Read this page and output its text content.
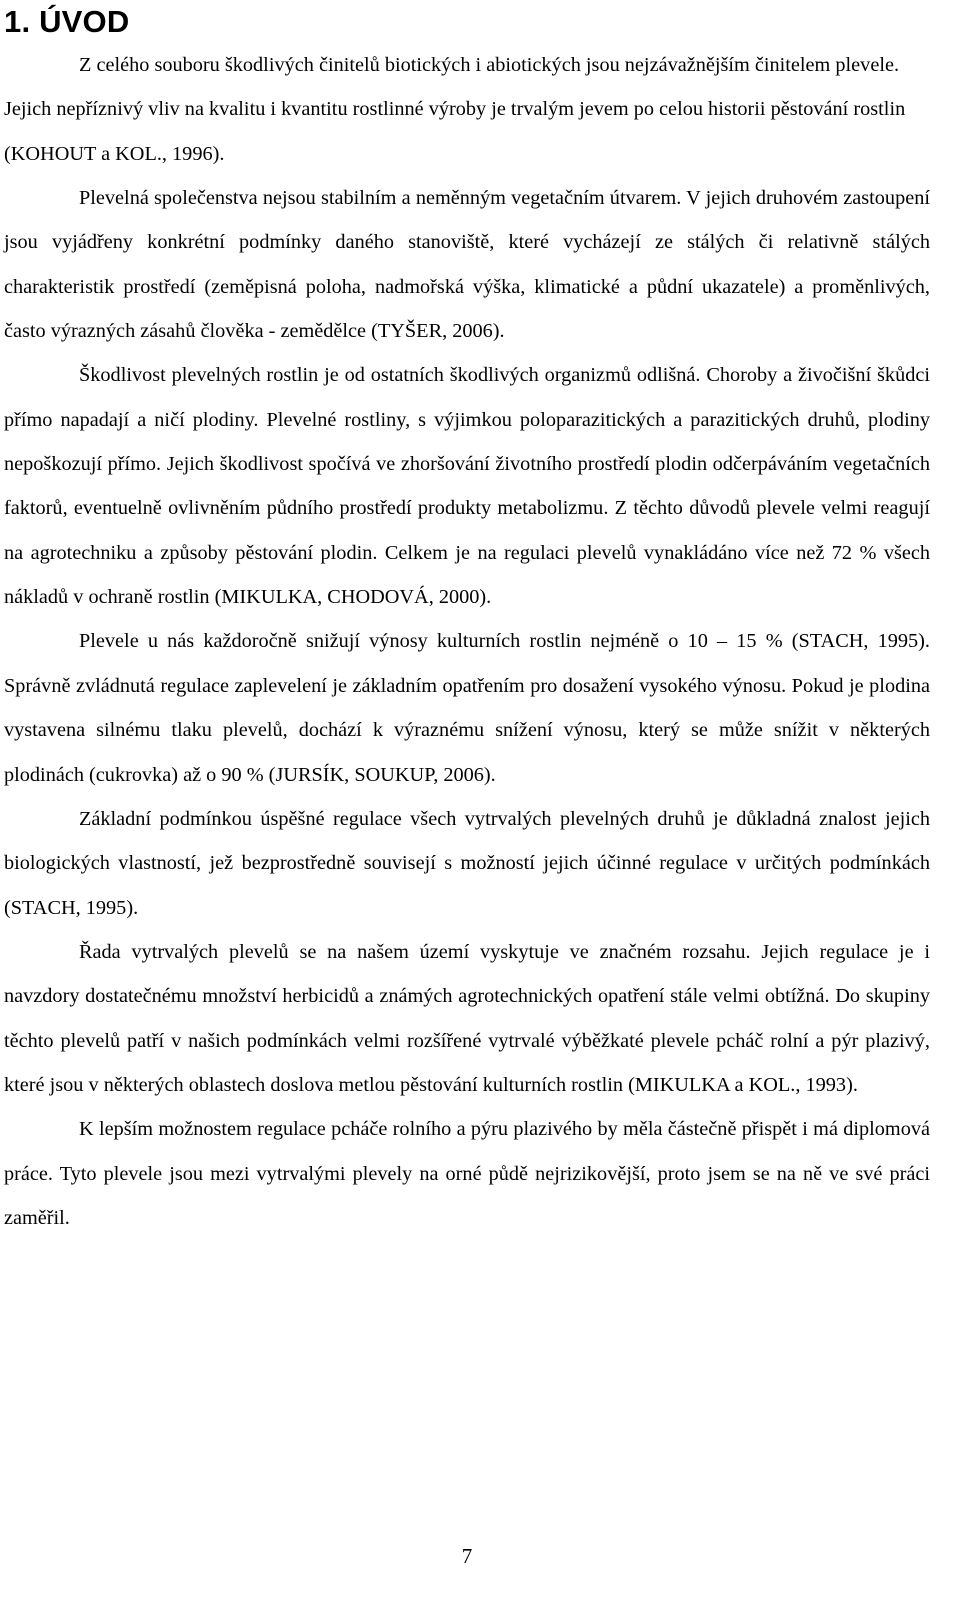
1. ÚVOD

Z celého souboru škodlivých činitelů biotických i abiotických jsou nejzávažnějším činitelem plevele. Jejich nepříznivý vliv na kvalitu i kvantitu rostlinné výroby je trvalým jevem po celou historii pěstování rostlin (KOHOUT a KOL., 1996).

Plevelná společenstva nejsou stabilním a neměnným vegetačním útvarem. V jejich druhovém zastoupení jsou vyjádřeny konkrétní podmínky daného stanoviště, které vycházejí ze stálých či relativně stálých charakteristik prostředí (zeměpisná poloha, nadmořská výška, klimatické a půdní ukazatele) a proměnlivých, často výrazných zásahů člověka - zemědělce (TYŠER, 2006).

Škodlivost plevelných rostlin je od ostatních škodlivých organizmů odlišná. Choroby a živočišní škůdci přímo napadají a ničí plodiny. Plevelné rostliny, s výjimkou poloparazitických a parazitických druhů, plodiny nepoškozují přímo. Jejich škodlivost spočívá ve zhoršování životního prostředí plodin odčerpáváním vegetačních faktorů, eventuelně ovlivněním půdního prostředí produkty metabolizmu. Z těchto důvodů plevele velmi reagují na agrotechniku a způsoby pěstování plodin. Celkem je na regulaci plevelů vynakládáno více než 72 % všech nákladů v ochraně rostlin (MIKULKA, CHODOVÁ, 2000).

Plevele u nás každoročně snižují výnosy kulturních rostlin nejméně o 10 – 15 % (STACH, 1995). Správně zvládnutá regulace zaplevelení je základním opatřením pro dosažení vysokého výnosu. Pokud je plodina vystavena silnému tlaku plevelů, dochází k výraznému snížení výnosu, který se může snížit v některých plodinách (cukrovka) až o 90 % (JURSÍK, SOUKUP, 2006).

Základní podmínkou úspěšné regulace všech vytrvalých plevelných druhů je důkladná znalost jejich biologických vlastností, jež bezprostředně souvisejí s možností jejich účinné regulace v určitých podmínkách (STACH, 1995).

Řada vytrvalých plevelů se na našem území vyskytuje ve značném rozsahu. Jejich regulace je i navzdory dostatečnému množství herbicidů a známých agrotechnických opatření stále velmi obtížná. Do skupiny těchto plevelů patří v našich podmínkách velmi rozšířené vytrvalé výběžkaté plevele pcháč rolní a pýr plazivý, které jsou v některých oblastech doslova metlou pěstování kulturních rostlin (MIKULKA a KOL., 1993).

K lepším možnostem regulace pcháče rolního a pýru plazivého by měla částečně přispět i má diplomová práce. Tyto plevele jsou mezi vytrvalými plevely na orné půdě nejrizikovější, proto jsem se na ně ve své práci zaměřil.

7
